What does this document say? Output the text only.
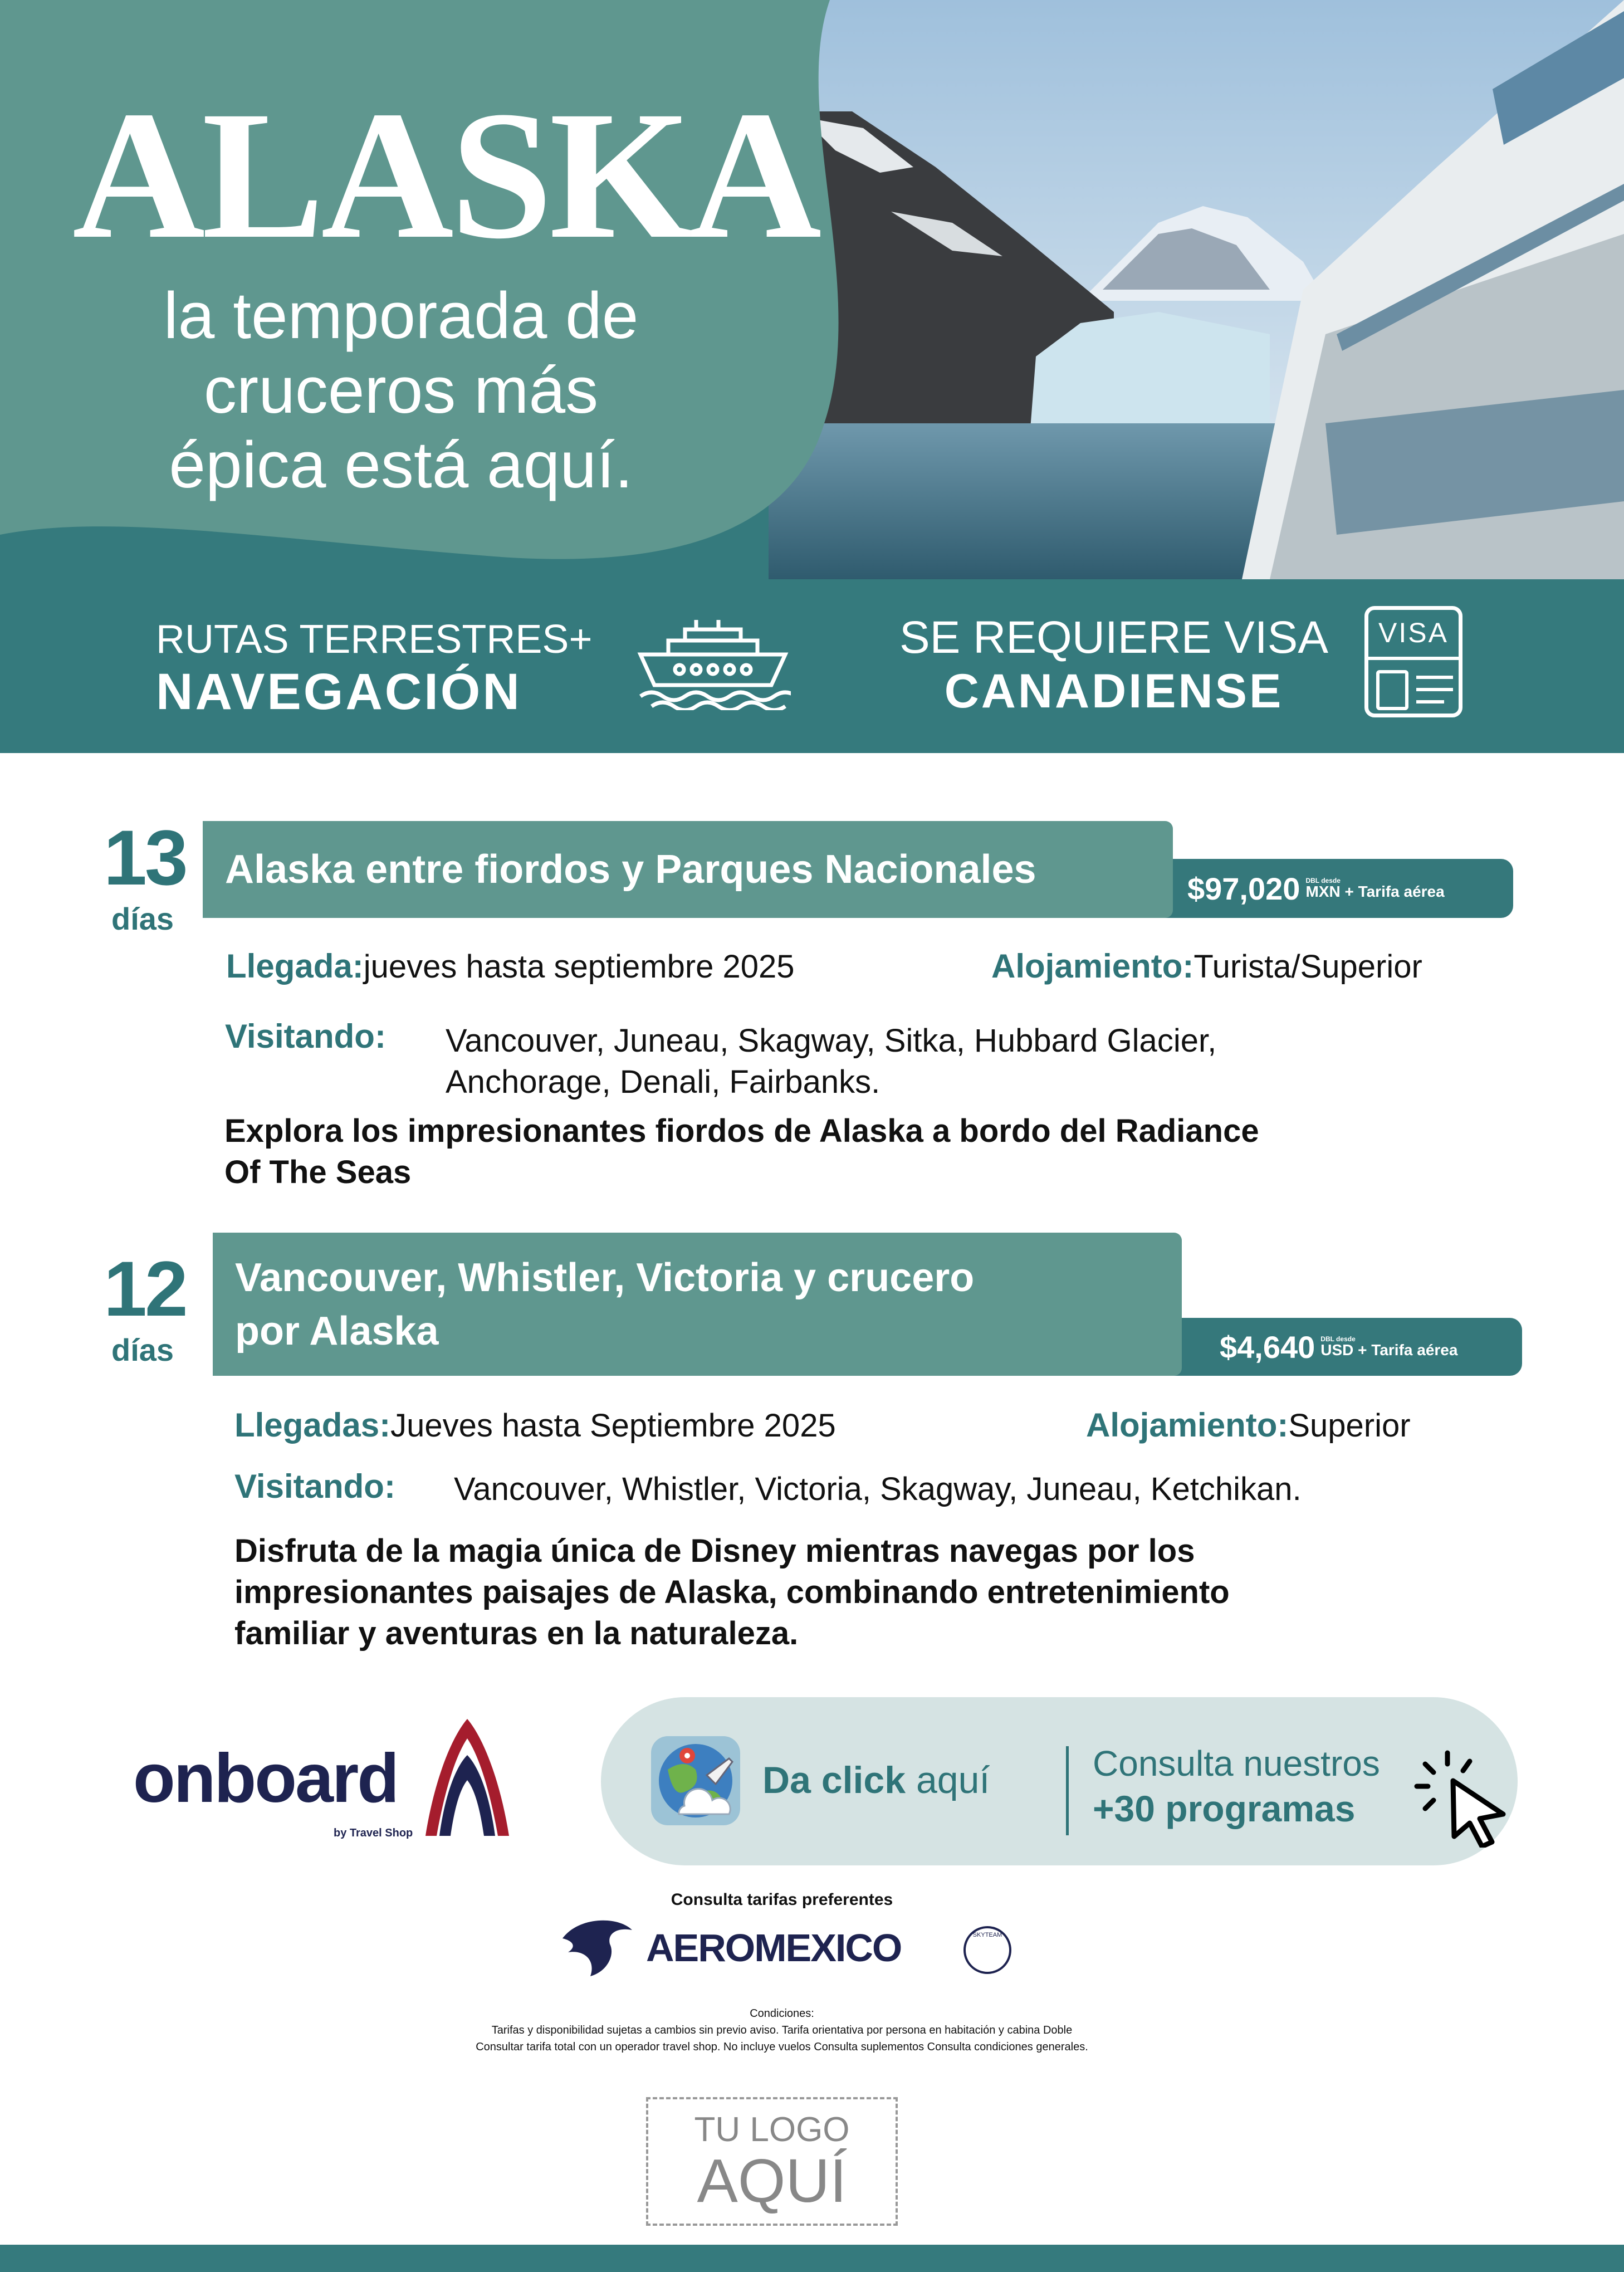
ALASKA
la temporada de
cruceros más
épica está aquí.
RUTAS TERRESTRES+
NAVEGACIÓN
SE REQUIERE VISA
CANADIENSE
VISA
13
días
$97,020 DBL desde
MXN + Tarifa aérea
Alaska entre fiordos y Parques Nacionales
Llegada:jueves hasta septiembre 2025	Alojamiento:Turista/Superior
Visitando: Vancouver, Juneau, Skagway, Sitka, Hubbard Glacier,
Anchorage, Denali, Fairbanks.
Explora los impresionantes fiordos de Alaska a bordo del Radiance
Of The Seas
12
días	$4,640 DBL desde
USD + Tarifa aérea
Vancouver, Whistler, Victoria y crucero
por Alaska
Llegadas:Jueves hasta Septiembre 2025	Alojamiento:Superior
Visitando: Vancouver, Whistler, Victoria, Skagway, Juneau, Ketchikan.
Disfruta de la magia única de Disney mientras navegas por los
impresionantes paisajes de Alaska, combinando entretenimiento
familiar y aventuras en la naturaleza.
onboard
by Travel Shop
Da click aquí	Consulta nuestros
+30 programas
Consulta tarifas preferentes
AEROMEXICO	SKYTEAM
Condiciones:
Tarifas y disponibilidad sujetas a cambios sin previo aviso. Tarifa orientativa por persona en habitación y cabina Doble
Consultar tarifa total con un operador travel shop. No incluye vuelos Consulta suplementos Consulta condiciones generales.
TU LOGO
AQUÍ
